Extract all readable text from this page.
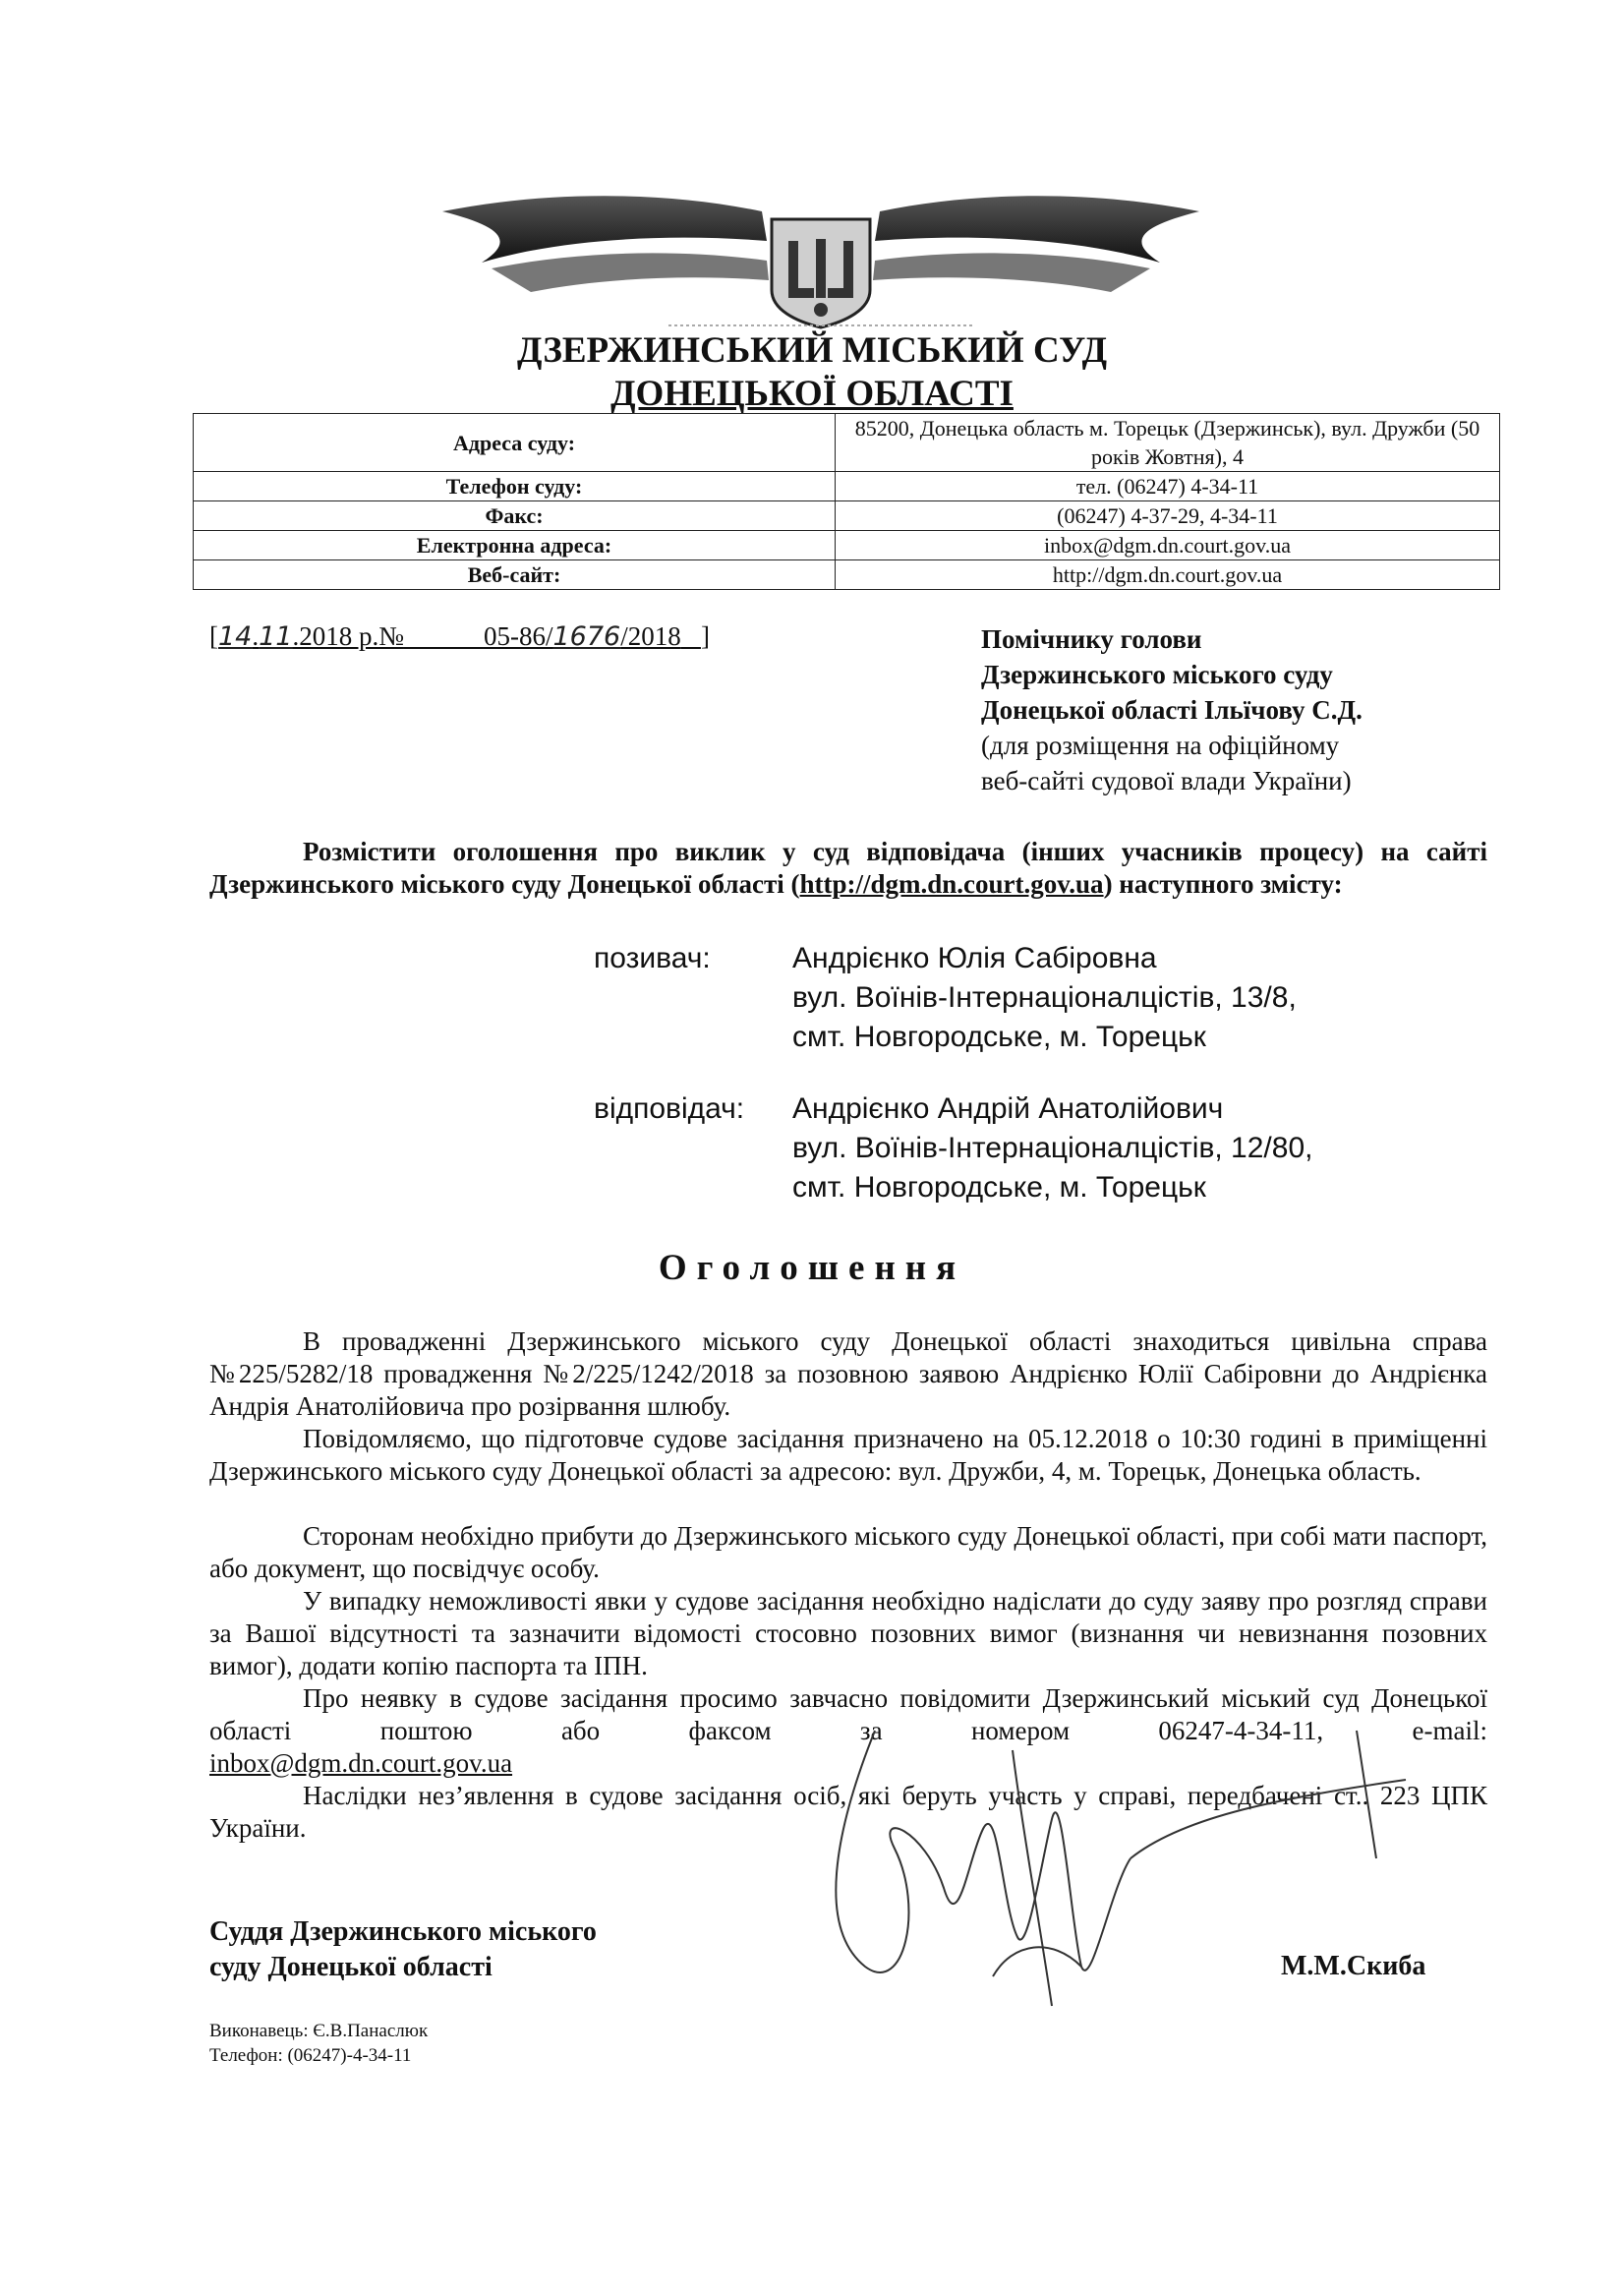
ДЗЕРЖИНСЬКИЙ МІСЬКИЙ СУД
ДОНЕЦЬКОЇ ОБЛАСТІ
Адреса суду:	85200, Донецька область м. Торецьк (Дзержинськ), вул. Дружби (50 років Жовтня), 4
Телефон суду:	тел. (06247) 4-34-11
Факс:	(06247) 4-37-29, 4-34-11
Електронна адреса:	inbox@dgm.dn.court.gov.ua
Веб-сайт:	http://dgm.dn.court.gov.ua
[14.11.2018 р.№	05-86/1676/2018 ]	Помічнику голови
Дзержинського міського суду
Донецької області Ільїчову С.Д.
(для розміщення на офіційному
веб-сайті судової влади України)
Розмістити оголошення про виклик у суд відповідача (інших учасників процесу) на сайті Дзержинського міського суду Донецької області (http://dgm.dn.court.gov.ua) наступного змісту:
позивач:	Андрієнко Юлія Сабіровна
вул. Воїнів-Інтернаціоналцістів, 13/8,
смт. Новгородське, м. Торецьк
відповідач: Андрієнко Андрій Анатолійович
вул. Воїнів-Інтернаціоналцістів, 12/80,
смт. Новгородське, м. Торецьк
Оголошення
В провадженні Дзержинського міського суду Донецької області знаходиться цивільна справа №225/5282/18 провадження №2/225/1242/2018 за позовною заявою Андрієнко Юлії Сабіровни до Андрієнка Андрія Анатолійовича про розірвання шлюбу.
Повідомляємо, що підготовче судове засідання призначено на 05.12.2018 о 10:30 годині в приміщенні Дзержинського міського суду Донецької області за адресою: вул. Дружби, 4, м. Торецьк, Донецька область.
Сторонам необхідно прибути до Дзержинського міського суду Донецької області, при собі мати паспорт, або документ, що посвідчує особу.
У випадку неможливості явки у судове засідання необхідно надіслати до суду заяву про розгляд справи за Вашої відсутності та зазначити відомості стосовно позовних вимог (визнання чи невизнання позовних вимог), додати копію паспорта та ІПН.
Про неявку в судове засідання просимо завчасно повідомити Дзержинський міський суд Донецької області поштою або факсом за номером 06247-4-34-11, e-mail:
inbox@dgm.dn.court.gov.ua
Наслідки нез’явлення в судове засідання осіб, які беруть участь у справі, передбачені ст.. 223 ЦПК України.
Суддя Дзержинського міського
суду Донецької області	М.М.Скиба
Виконавець: Є.В.Панаслюк
Телефон: (06247)-4-34-11
